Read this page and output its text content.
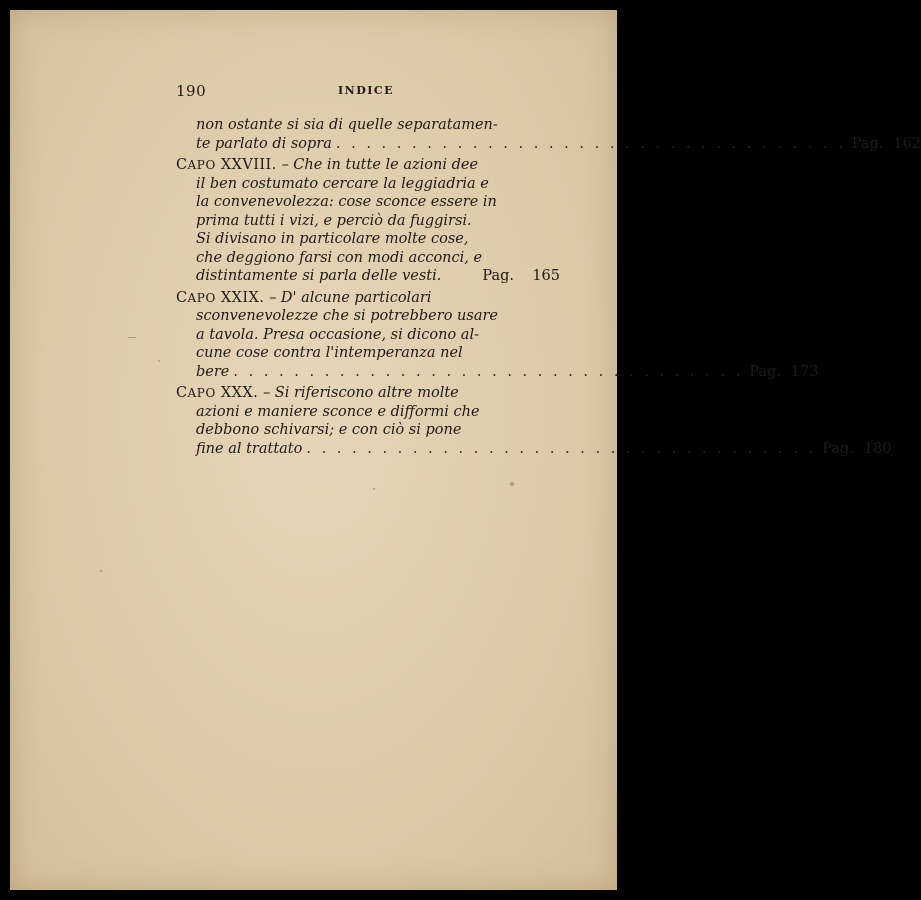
190	INDICE
non ostante si sia di quelle separatamen-
te parlato di sopra . . . . . . . . . . . . . . . . . . . . . . . . . . . . . . . . . . Pag. 162
CAPO XXVIII. – Che in tutte le azioni dee
il ben costumato cercare la leggiadria e
la convenevolezza: cose sconce essere in
prima tutti i vizi, e perciò da fuggirsi.
Si divisano in particolare molte cose,
che deggiono farsi con modi acconci, e
distintamente si parla delle vesti.	Pag.	165
CAPO XXIX. – D' alcune particolari
sconvenevolezze che si potrebbero usare
a tavola. Presa occasione, si dicono al-
cune cose contra l'intemperanza nel
bere . . . . . . . . . . . . . . . . . . . . . . . . . . . . . . . . . . Pag. 173
CAPO XXX. – Si riferiscono altre molte
azioni e maniere sconce e difformi che
debbono schivarsi; e con ciò si pone
fine al trattato . . . . . . . . . . . . . . . . . . . . . . . . . . . . . . . . . . Pag. 180
